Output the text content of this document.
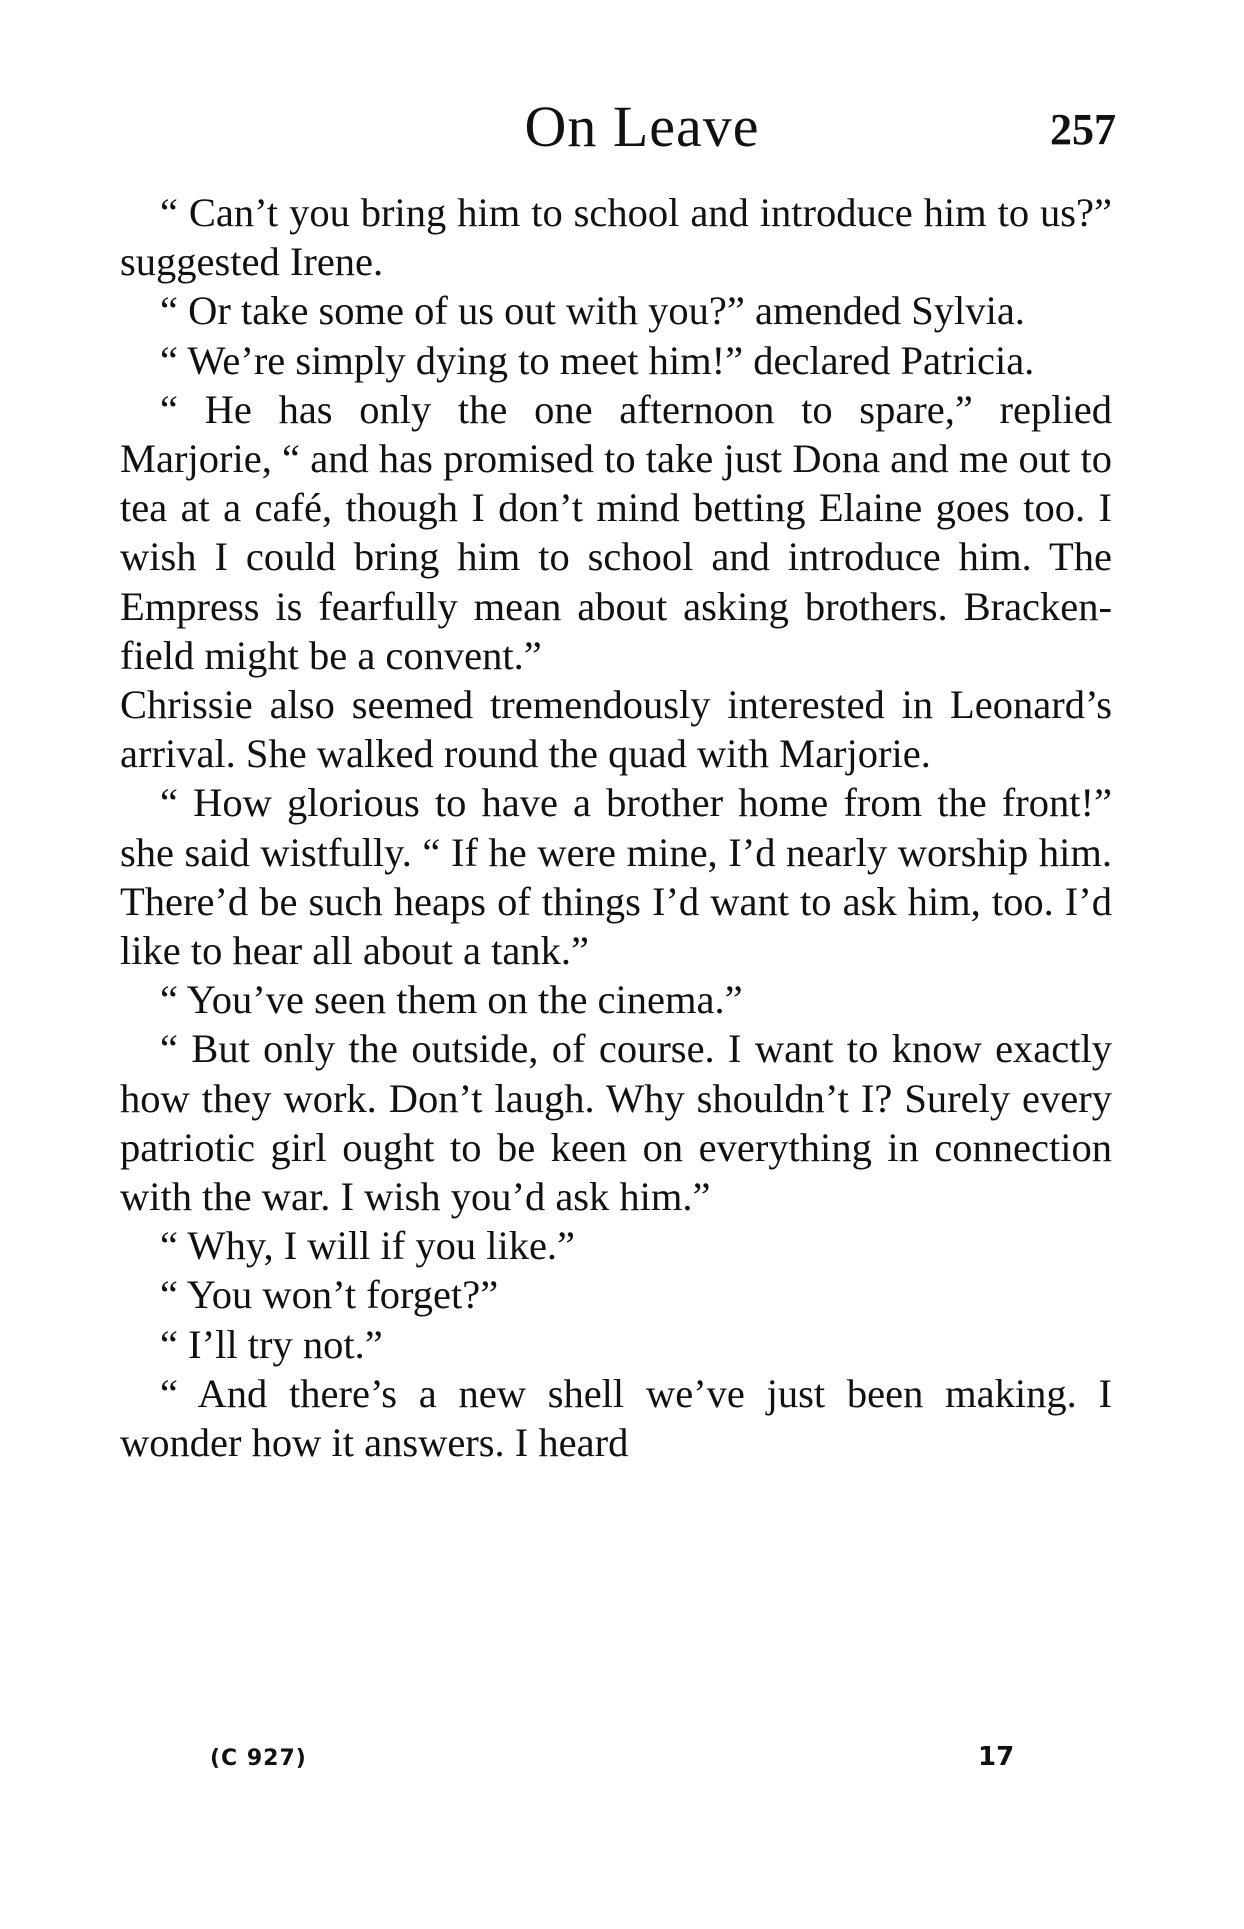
On Leave	257

“ Can’t you bring him to school and introduce him to us?” suggested Irene.

“ Or take some of us out with you?” amended Sylvia.

“ We’re simply dying to meet him!” declared Patricia.

“ He has only the one afternoon to spare,” replied Marjorie, “ and has promised to take just Dona and me out to tea at a café, though I don’t mind betting Elaine goes too. I wish I could bring him to school and introduce him. The Empress is fearfully mean about asking brothers. Bracken-field might be a convent.”

Chrissie also seemed tremendously interested in Leonard’s arrival. She walked round the quad with Marjorie.

“ How glorious to have a brother home from the front!” she said wistfully. “ If he were mine, I’d nearly worship him. There’d be such heaps of things I’d want to ask him, too. I’d like to hear all about a tank.”

“ You’ve seen them on the cinema.”

“ But only the outside, of course. I want to know exactly how they work. Don’t laugh. Why shouldn’t I? Surely every patriotic girl ought to be keen on everything in connection with the war. I wish you’d ask him.”

“ Why, I will if you like.”

“ You won’t forget?”

“ I’ll try not.”

“ And there’s a new shell we’ve just been making. I wonder how it answers. I heard

(C 927)	17
